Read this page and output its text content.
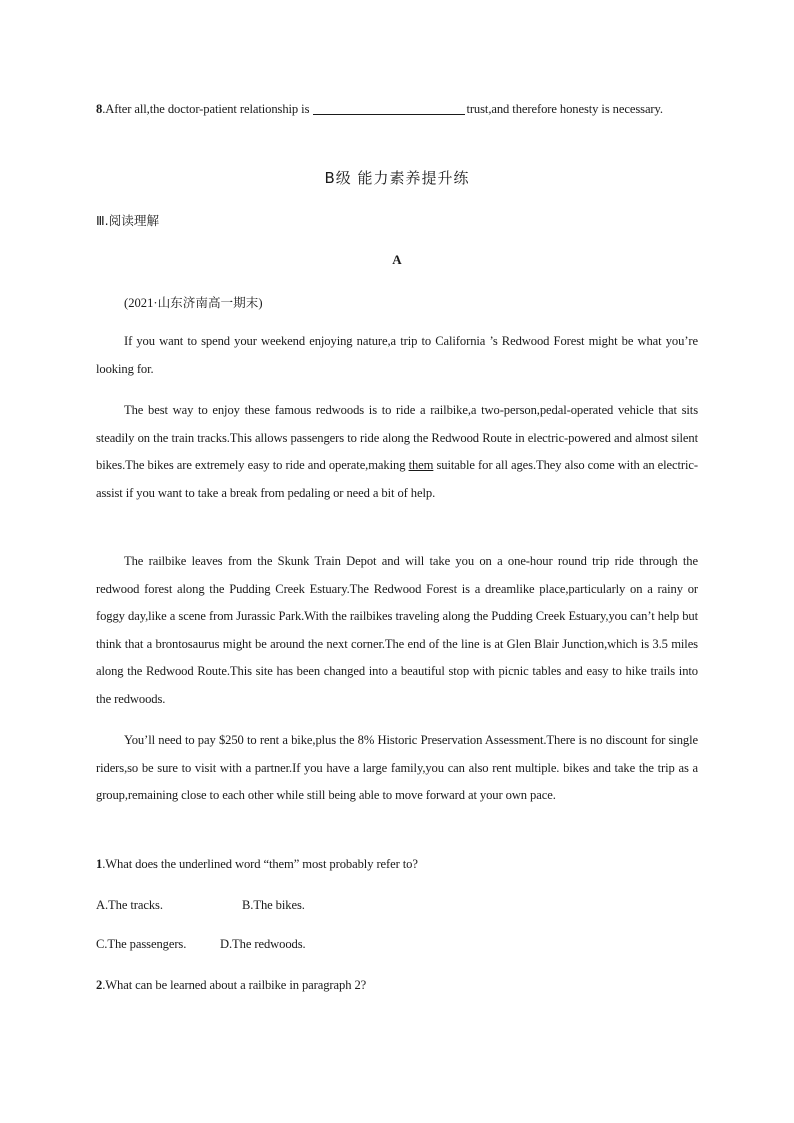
8.After all,the doctor-patient relationship is	trust,and therefore honesty is necessary.
B级 能力素养提升练
Ⅲ.阅读理解
A
(2021·山东济南高一期末)
If you want to spend your weekend enjoying nature,a trip to California ’s Redwood Forest might be what you’re looking for.
The best way to enjoy these famous redwoods is to ride a railbike,a two-person,pedal-operated vehicle that sits steadily on the train tracks.This allows passengers to ride along the Redwood Route in electric-powered and almost silent bikes.The bikes are extremely easy to ride and operate,making them suitable for all ages.They also come with an electric-assist if you want to take a break from pedaling or need a bit of help.
The railbike leaves from the Skunk Train Depot and will take you on a one-hour round trip ride through the redwood forest along the Pudding Creek Estuary.The Redwood Forest is a dreamlike place,particularly on a rainy or foggy day,like a scene from Jurassic Park.With the railbikes traveling along the Pudding Creek Estuary,you can’t help but think that a brontosaurus might be around the next corner.The end of the line is at Glen Blair Junction,which is 3.5 miles along the Redwood Route.This site has been changed into a beautiful stop with picnic tables and easy to hike trails into the redwoods.
You’ll need to pay $250 to rent a bike,plus the 8% Historic Preservation Assessment.There is no discount for single riders,so be sure to visit with a partner.If you have a large family,you can also rent multiple. bikes and take the trip as a group,remaining close to each other while still being able to move forward at your own pace.
1.What does the underlined word “them” most probably refer to?
A.The tracks.	B.The bikes.
C.The passengers.	D.The redwoods.
2.What can be learned about a railbike in paragraph 2?
